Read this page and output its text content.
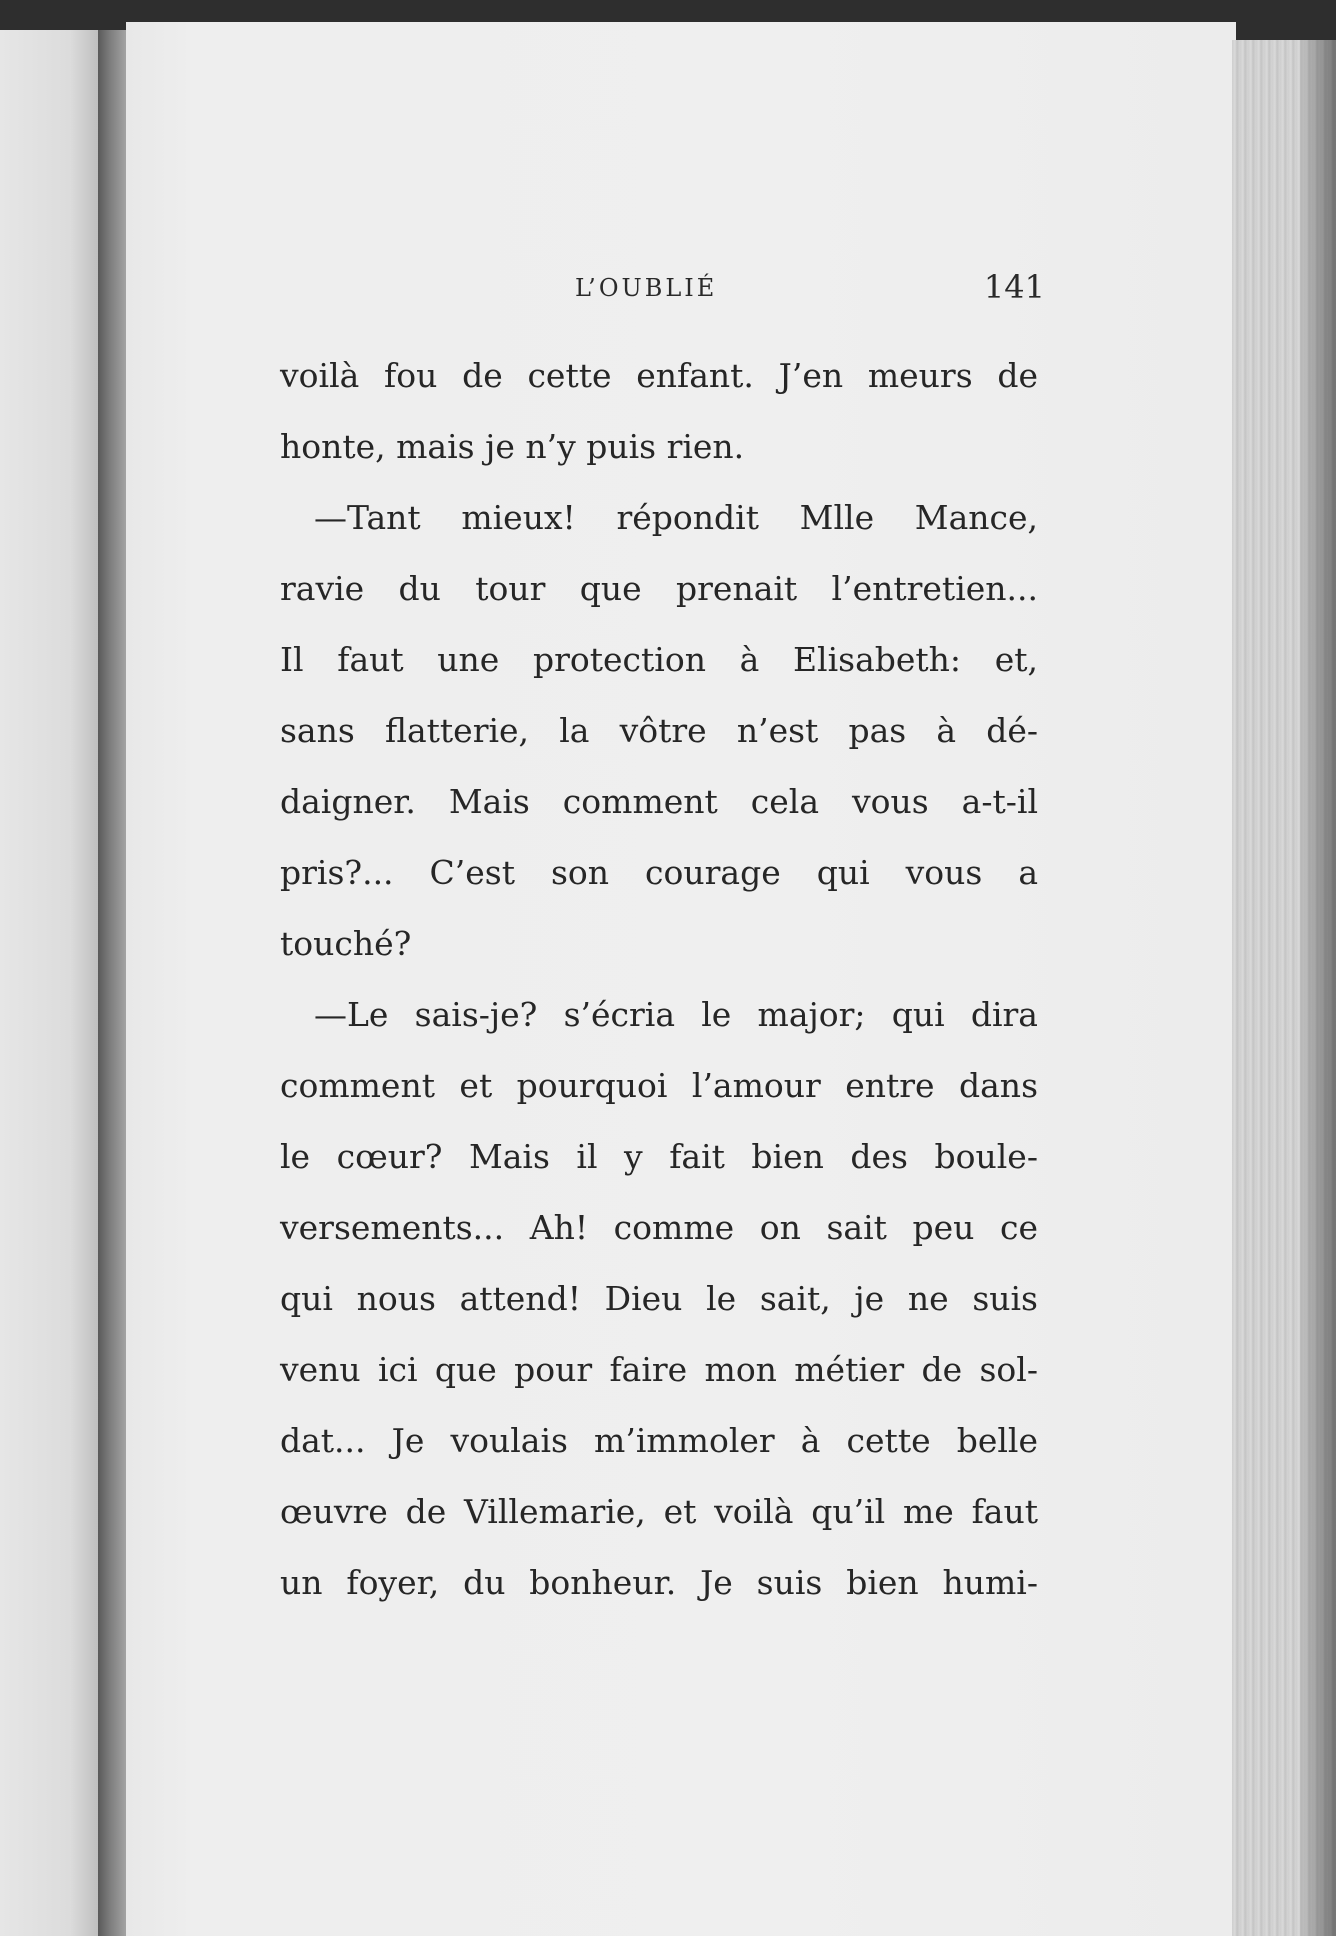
L’OUBLIÉ	141
voilà fou de cette enfant. J’en meurs de
honte, mais je n’y puis rien.
—Tant mieux! répondit Mlle Mance,
ravie du tour que prenait l’entretien...
Il faut une protection à Elisabeth: et,
sans flatterie, la vôtre n’est pas à dé-
daigner. Mais comment cela vous a-t-il
pris?... C’est son courage qui vous a
touché?
—Le sais-je? s’écria le major; qui dira
comment et pourquoi l’amour entre dans
le cœur? Mais il y fait bien des boule-
versements... Ah! comme on sait peu ce
qui nous attend! Dieu le sait, je ne suis
venu ici que pour faire mon métier de sol-
dat... Je voulais m’immoler à cette belle
œuvre de Villemarie, et voilà qu’il me faut
un foyer, du bonheur. Je suis bien humi-
